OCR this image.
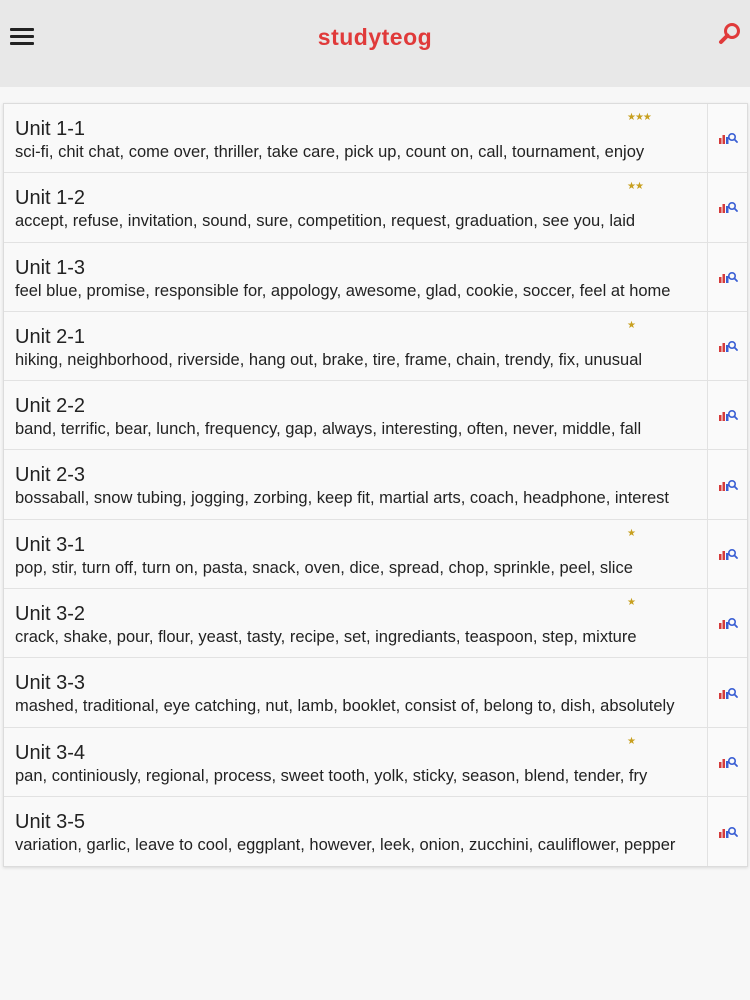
studyteog
Unit 1-1
★★★
sci-fi, chit chat, come over, thriller, take care, pick up, count on, call, tournament, enjoy
Unit 1-2
★★
accept, refuse, invitation, sound, sure, competition, request, graduation, see you, laid
Unit 1-3
feel blue, promise, responsible for, appology, awesome, glad, cookie, soccer, feel at home
Unit 2-1
★
hiking, neighborhood, riverside, hang out, brake, tire, frame, chain, trendy, fix, unusual
Unit 2-2
band, terrific, bear, lunch, frequency, gap, always, interesting, often, never, middle, fall
Unit 2-3
bossaball, snow tubing, jogging, zorbing, keep fit, martial arts, coach, headphone, interest
Unit 3-1
★
pop, stir, turn off, turn on, pasta, snack, oven, dice, spread, chop, sprinkle, peel, slice
Unit 3-2
★
crack, shake, pour, flour, yeast, tasty, recipe, set, ingrediants, teaspoon, step, mixture
Unit 3-3
mashed, traditional, eye catching, nut, lamb, booklet, consist of, belong to, dish, absolutely
Unit 3-4
★
pan, continiously, regional, process, sweet tooth, yolk, sticky, season, blend, tender, fry
Unit 3-5
variation, garlic, leave to cool, eggplant, however, leek, onion, zucchini, cauliflower, pepper
